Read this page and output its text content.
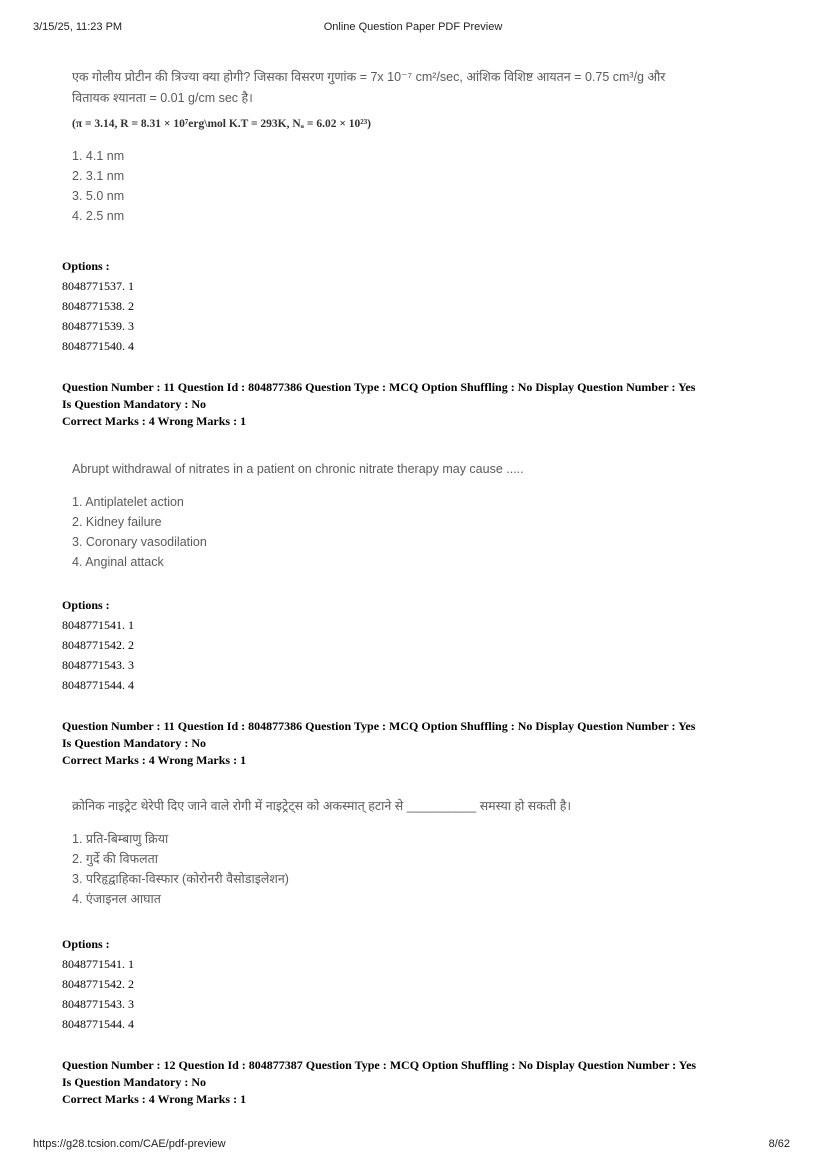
3/15/25, 11:23 PM	Online Question Paper PDF Preview
https://g28.tcsion.com/CAE/pdf-preview	8/62
एक गोलीय प्रोटीन की त्रिज्या क्या होगी? जिसका विसरण गुणांक = 7x 10⁻⁷ cm²/sec, आंशिक विशिष्ट आयतन = 0.75 cm³/g और
वितायक श्यानता = 0.01 g/cm sec है।
(π = 3.14, R = 8.31 × 10⁷erg\mol K.T = 293K, Nₐ = 6.02 × 10²³)
1. 4.1 nm
2. 3.1 nm
3. 5.0 nm
4. 2.5 nm
Options :
8048771537. 1
8048771538. 2
8048771539. 3
8048771540. 4
Question Number : 11 Question Id : 804877386 Question Type : MCQ Option Shuffling : No Display Question Number : Yes
Is Question Mandatory : No
Correct Marks : 4 Wrong Marks : 1
Abrupt withdrawal of nitrates in a patient on chronic nitrate therapy may cause .....
1. Antiplatelet action
2. Kidney failure
3. Coronary vasodilation
4. Anginal attack
Options :
8048771541. 1
8048771542. 2
8048771543. 3
8048771544. 4
Question Number : 11 Question Id : 804877386 Question Type : MCQ Option Shuffling : No Display Question Number : Yes
Is Question Mandatory : No
Correct Marks : 4 Wrong Marks : 1
क्रोनिक नाइट्रेट थेरेपी दिए जाने वाले रोगी में नाइट्रेट्स को अकस्मात् हटाने से __________ समस्या हो सकती है।
1. प्रति-बिम्बाणु क्रिया
2. गुर्दे की विफलता
3. परिहृद्वाहिका-विस्फार (कोरोनरी वैसोडाइलेशन)
4. एंजाइनल आघात
Options :
8048771541. 1
8048771542. 2
8048771543. 3
8048771544. 4
Question Number : 12 Question Id : 804877387 Question Type : MCQ Option Shuffling : No Display Question Number : Yes
Is Question Mandatory : No
Correct Marks : 4 Wrong Marks : 1
